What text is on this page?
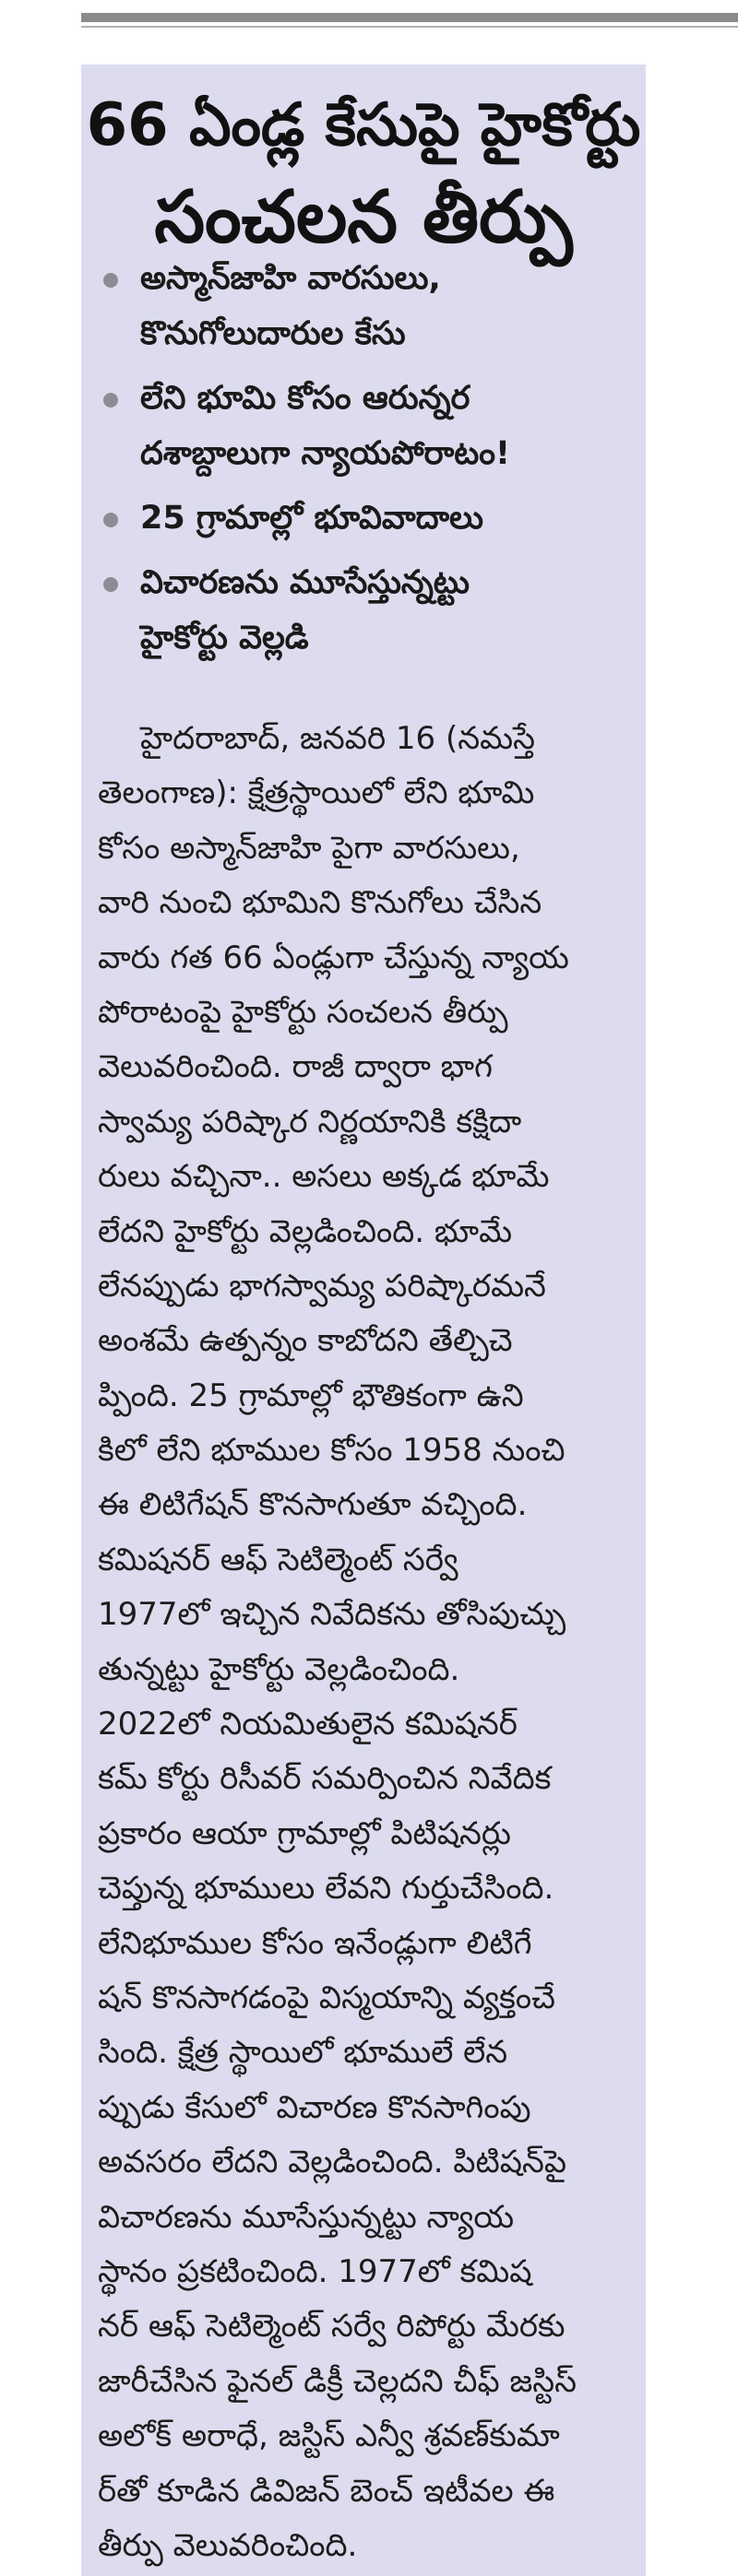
66 ఏండ్ల కేసుపై హైకోర్టు
సంచలన తీర్పు
అస్మాన్‌జాహి వారసులు,
కొనుగోలుదారుల కేసు
లేని భూమి కోసం ఆరున్నర
దశాబ్దాలుగా న్యాయపోరాటం!
25 గ్రామాల్లో భూవివాదాలు
విచారణను మూసేస్తున్నట్టు
హైకోర్టు వెల్లడి
హైదరాబాద్, జనవరి 16 (నమస్తే
తెలంగాణ): క్షేత్రస్థాయిలో లేని భూమి
కోసం అస్మాన్‌జాహి పైగా వారసులు,
వారి నుంచి భూమిని కొనుగోలు చేసిన
వారు గత 66 ఏండ్లుగా చేస్తున్న న్యాయ
పోరాటంపై హైకోర్టు సంచలన తీర్పు
వెలువరించింది. రాజీ ద్వారా భాగ
స్వామ్య పరిష్కార నిర్ణయానికి కక్షిదా
రులు వచ్చినా.. అసలు అక్కడ భూమే
లేదని హైకోర్టు వెల్లడించింది. భూమే
లేనప్పుడు భాగస్వామ్య పరిష్కారమనే
అంశమే ఉత్పన్నం కాబోదని తేల్చిచె
ప్పింది. 25 గ్రామాల్లో భౌతికంగా ఉని
కిలో లేని భూముల కోసం 1958 నుంచి
ఈ లిటిగేషన్ కొనసాగుతూ వచ్చింది.
కమిషనర్ ఆఫ్ సెటిల్మెంట్ సర్వే
1977లో ఇచ్చిన నివేదికను తోసిపుచ్చు
తున్నట్టు హైకోర్టు వెల్లడించింది.
2022లో నియమితులైన కమిషనర్
కమ్ కోర్టు రిసీవర్ సమర్పించిన నివేదిక
ప్రకారం ఆయా గ్రామాల్లో పిటిషనర్లు
చెప్తున్న భూములు లేవని గుర్తుచేసింది.
లేనిభూముల కోసం ఇనేండ్లుగా లిటిగే
షన్ కొనసాగడంపై విస్మయాన్ని వ్యక్తంచే
సింది. క్షేత్ర స్థాయిలో భూములే లేన
ప్పుడు కేసులో విచారణ కొనసాగింపు
అవసరం లేదని వెల్లడించింది. పిటిషన్‌పై
విచారణను మూసేస్తున్నట్టు న్యాయ
స్థానం ప్రకటించింది. 1977లో కమిష
నర్ ఆఫ్ సెటిల్మెంట్ సర్వే రిపోర్టు మేరకు
జారీచేసిన ఫైనల్ డిక్రీ చెల్లదని చీఫ్ జస్టిస్
అలోక్ అరాధే, జస్టిస్ ఎన్వీ శ్రవణ్‌కుమా
ర్‌తో కూడిన డివిజన్ బెంచ్ ఇటీవల ఈ
తీర్పు వెలువరించింది.
